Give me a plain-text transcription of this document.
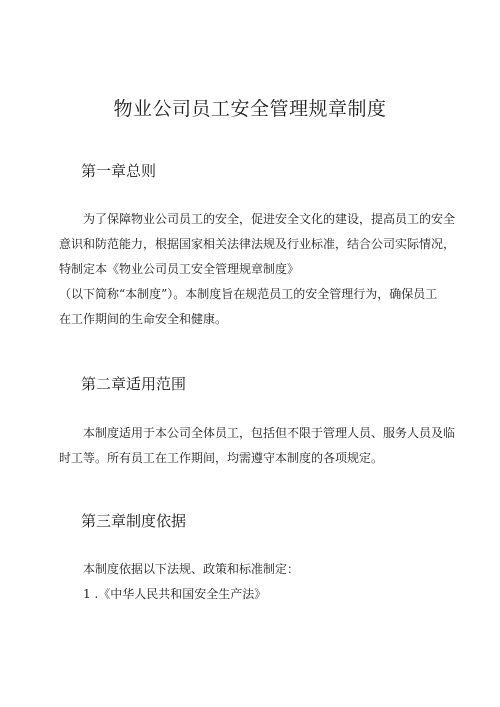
物业公司员工安全管理规章制度
第一章总则
为了保障物业公司员工的安全，促进安全文化的建设，提高员工的安全
意识和防范能力，根据国家相关法律法规及行业标准，结合公司实际情况，
特制定本《物业公司员工安全管理规章制度》
（以下简称“本制度”）。本制度旨在规范员工的安全管理行为，确保员工
在工作期间的生命安全和健康。
第二章适用范围
本制度适用于本公司全体员工，包括但不限于管理人员、服务人员及临
时工等。所有员工在工作期间，均需遵守本制度的各项规定。
第三章制度依据
本制度依据以下法规、政策和标准制定：
1 .《中华人民共和国安全生产法》
